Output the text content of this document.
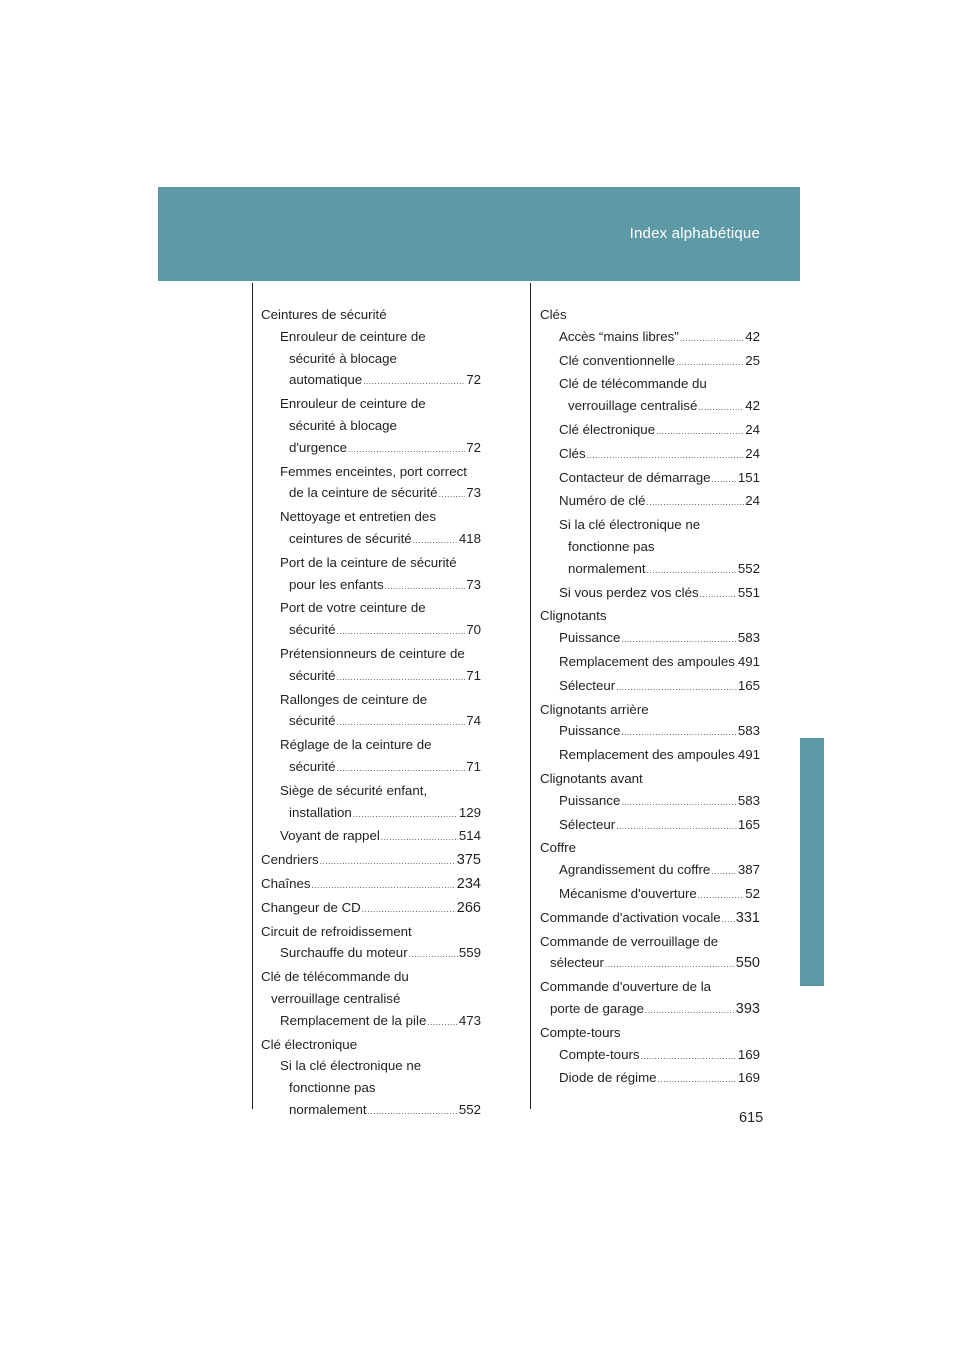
Index alphabétique
Ceintures de sécurité
Enrouleur de ceinture de
sécurité à blocage
automatique .....	72
Enrouleur de ceinture de
sécurité à blocage
d'urgence .....	72
Femmes enceintes, port correct
de la ceinture de sécurité ..... 73
Nettoyage et entretien des
ceintures de sécurité .....	418
Port de la ceinture de sécurité
pour les enfants .....	73
Port de votre ceinture de
sécurité .....	70
Prétensionneurs de ceinture de
sécurité .....	71
Rallonges de ceinture de
sécurité .....	74
Réglage de la ceinture de
sécurité .....	71
Siège de sécurité enfant,
installation .....	129
Voyant de rappel .....	514
Cendriers .....	375
Chaînes .....	234
Changeur de CD .....	266
Circuit de refroidissement
Surchauffe du moteur .....	559
Clé de télécommande du
verrouillage centralisé
Remplacement de la pile ..... 473
Clé électronique
Si la clé électronique ne
fonctionne pas
normalement .....	552
Clés
Accès “mains libres” .....	42
Clé conventionnelle .....	25
Clé de télécommande du
verrouillage centralisé .....	42
Clé électronique .....	24
Clés .....	24
Contacteur de démarrage ..... 151
Numéro de clé .....	24
Si la clé électronique ne
fonctionne pas
normalement .....	552
Si vous perdez vos clés .....	551
Clignotants
Puissance .....	583
Remplacement des ampoules ..... 491
Sélecteur .....	165
Clignotants arrière
Puissance .....	583
Remplacement des ampoules ..... 491
Clignotants avant
Puissance .....	583
Sélecteur .....	165
Coffre
Agrandissement du coffre ..... 387
Mécanisme d'ouverture .....	52
Commande d'activation vocale ..... 331
Commande de verrouillage de
sélecteur .....	550
Commande d'ouverture de la
porte de garage .....	393
Compte-tours
Compte-tours .....	169
Diode de régime .....	169
615
